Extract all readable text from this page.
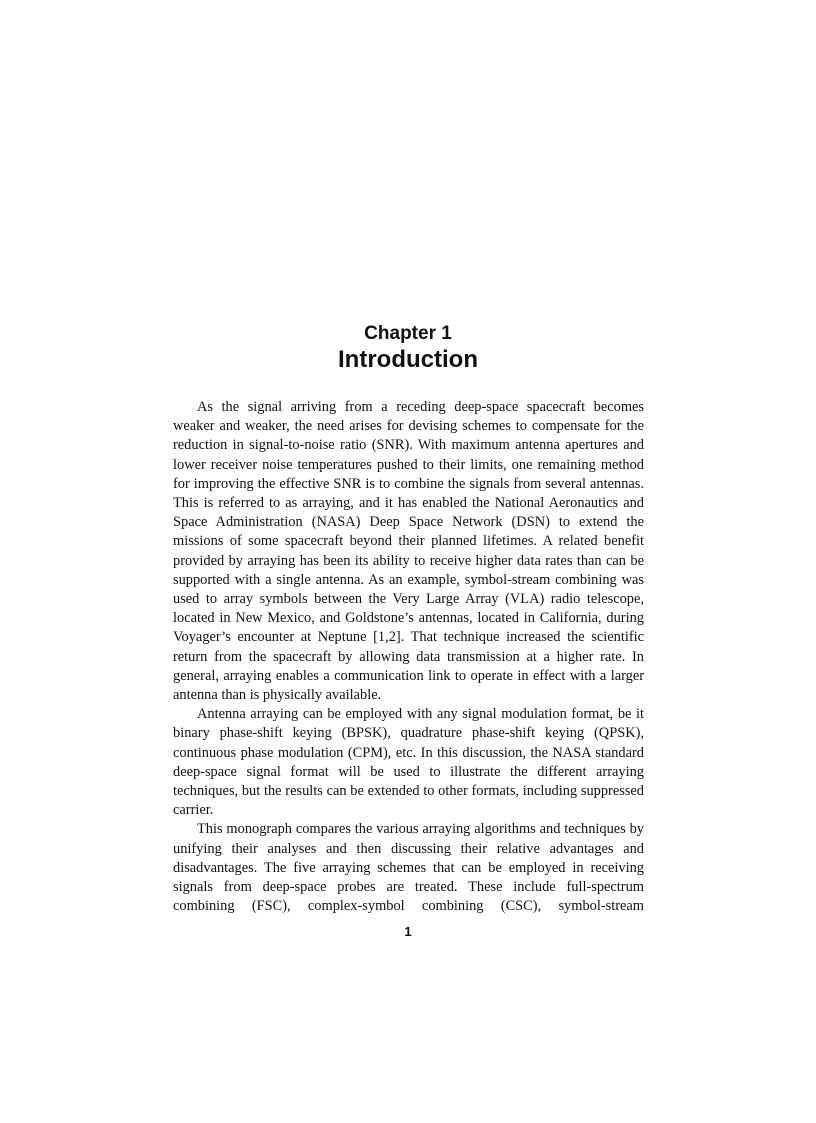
Chapter 1
Introduction

As the signal arriving from a receding deep-space spacecraft becomes weaker and weaker, the need arises for devising schemes to compensate for the reduction in signal-to-noise ratio (SNR). With maximum antenna apertures and lower receiver noise temperatures pushed to their limits, one remaining method for improving the effective SNR is to combine the signals from several antennas. This is referred to as arraying, and it has enabled the National Aeronautics and Space Administration (NASA) Deep Space Network (DSN) to extend the missions of some spacecraft beyond their planned lifetimes. A related benefit provided by arraying has been its ability to receive higher data rates than can be supported with a single antenna. As an example, symbol-stream combining was used to array symbols between the Very Large Array (VLA) radio telescope, located in New Mexico, and Goldstone’s antennas, located in California, during Voyager’s encounter at Neptune [1,2]. That technique increased the scientific return from the spacecraft by allowing data transmission at a higher rate. In general, arraying enables a communication link to operate in effect with a larger antenna than is physically available.

Antenna arraying can be employed with any signal modulation format, be it binary phase-shift keying (BPSK), quadrature phase-shift keying (QPSK), continuous phase modulation (CPM), etc. In this discussion, the NASA standard deep-space signal format will be used to illustrate the different arraying techniques, but the results can be extended to other formats, including suppressed carrier.

This monograph compares the various arraying algorithms and techniques by unifying their analyses and then discussing their relative advantages and disadvantages. The five arraying schemes that can be employed in receiving signals from deep-space probes are treated. These include full-spectrum combining (FSC), complex-symbol combining (CSC), symbol-stream

1
